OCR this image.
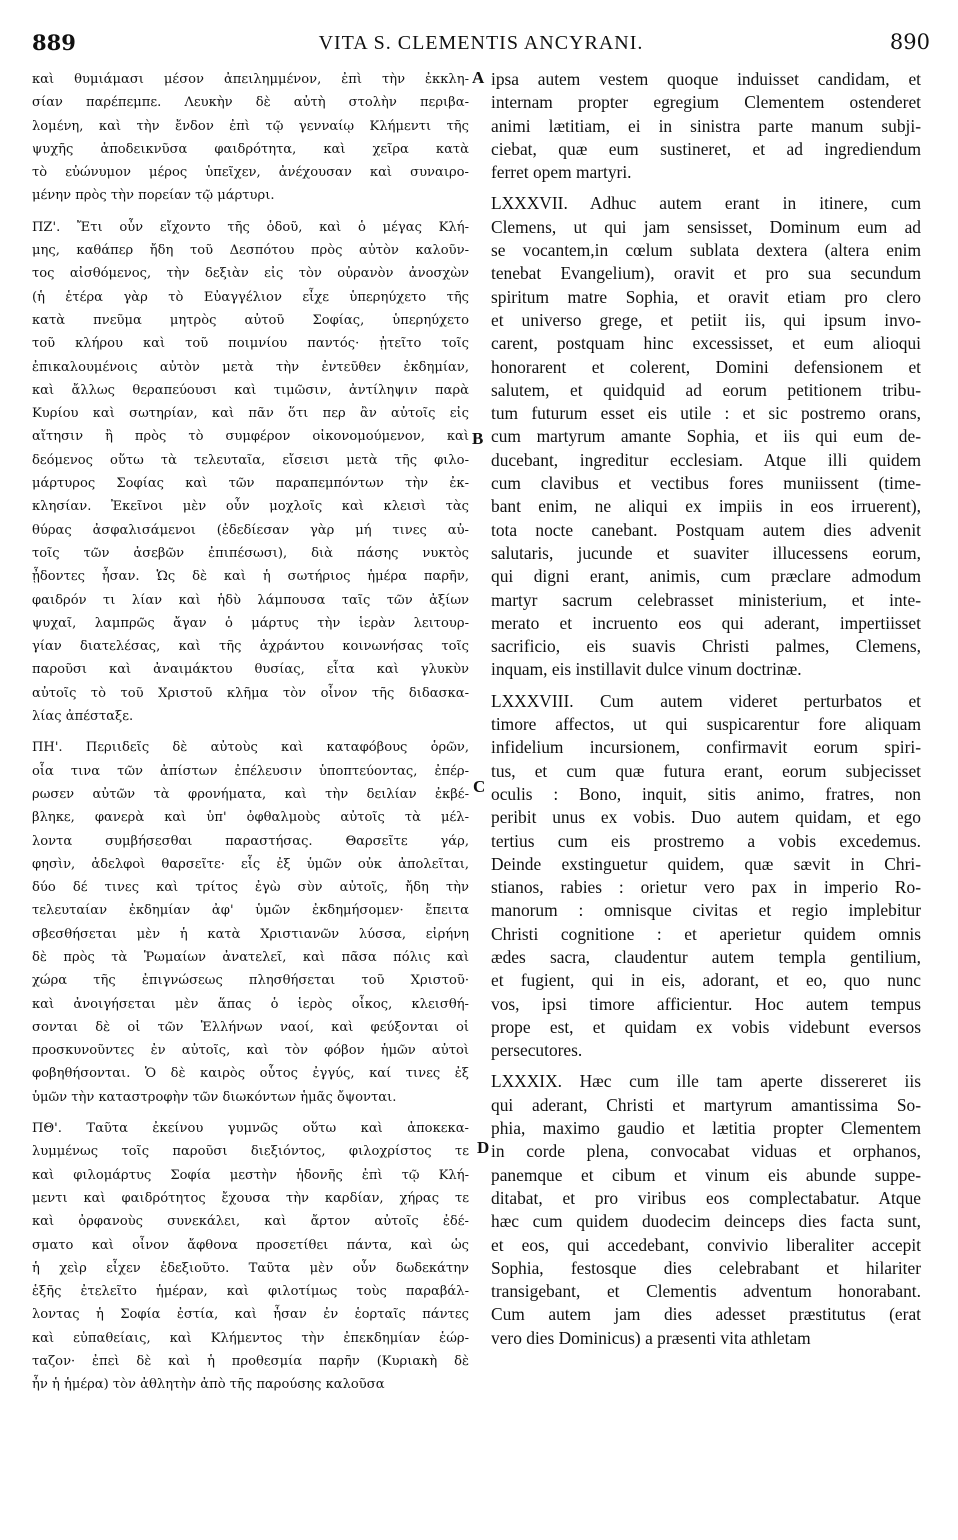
889	VITA S. CLEMENTIS ANCYRANI.	890
καὶ θυμιάμασι μέσον ἀπειλημμένον, ἐπὶ τὴν ἐκκλη-
σίαν παρέπεμπε. Λευκὴν δὲ αὐτὴ στολὴν περιβα-
λομένη, καὶ τὴν ἔνδον ἐπὶ τῷ γενναίῳ Κλήμεντι τῆς
ψυχῆς ἀποδεικνῦσα φαιδρότητα, καὶ χεῖρα κατὰ
τὸ εὐώνυμον μέρος ὑπεῖχεν, ἀνέχουσαν καὶ συναιρο-
μένην πρὸς τὴν πορείαν τῷ μάρτυρι.
ΠΖ'. Ἔτι οὖν εἴχοντο τῆς ὁδοῦ, καὶ ὁ μέγας Κλή-
μης, καθάπερ ἤδη τοῦ Δεσπότου πρὸς αὐτὸν καλοῦν-
τος αἰσθόμενος, τὴν δεξιὰν εἰς τὸν οὐρανὸν ἀνοσχὼν
(ἡ ἑτέρα γὰρ τὸ Εὐαγγέλιον εἶχε ὑπερηύχετο τῆς
κατὰ πνεῦμα μητρὸς αὐτοῦ Σοφίας, ὑπερηύχετο
τοῦ κλήρου καὶ τοῦ ποιμνίου παντός· ᾐτεῖτο τοῖς
ἐπικαλουμένοις αὐτὸν μετὰ τὴν ἐντεῦθεν ἐκδημίαν,
καὶ ἄλλως θεραπεύουσι καὶ τιμῶσιν, ἀντίληψιν παρὰ
Κυρίου καὶ σωτηρίαν, καὶ πᾶν ὅτι περ ἂν αὐτοῖς εἰς
αἴτησιν ἢ πρὸς τὸ συμφέρον οἰκονομούμενον, καὶ
δεόμενος οὕτω τὰ τελευταῖα, εἴσεισι μετὰ τῆς φιλο-
μάρτυρος Σοφίας καὶ τῶν παραπεμπόντων τὴν ἐκ-
κλησίαν. Ἐκεῖνοι μὲν οὖν μοχλοῖς καὶ κλεισὶ τὰς
θύρας ἀσφαλισάμενοι (ἐδεδίεσαν γὰρ μή τινες αὐ-
τοῖς τῶν ἀσεβῶν ἐπιπέσωσι), διὰ πάσης νυκτὸς
ᾖδοντες ἦσαν. Ὡς δὲ καὶ ἡ σωτήριος ἡμέρα παρῆν,
φαιδρόν τι λίαν καὶ ἡδὺ λάμπουσα ταῖς τῶν ἀξίων
ψυχαῖ, λαμπρῶς ἄγαν ὁ μάρτυς τὴν ἱερὰν λειτουρ-
γίαν διατελέσας, καὶ τῆς ἀχράντου κοινωνήσας τοῖς
παροῦσι καὶ ἀναιμάκτου θυσίας, εἶτα καὶ γλυκὺν
αὐτοῖς τὸ τοῦ Χριστοῦ κλῆμα τὸν οἶνον τῆς διδασκα-
λίας ἀπέσταξε.
ΠΗ'. Περιιδεῖς δὲ αὐτοὺς καὶ καταφόβους ὁρῶν,
οἷα τινα τῶν ἀπίστων ἐπέλευσιν ὑποπτεύοντας, ἐπέρ-
ρωσεν αὐτῶν τὰ φρονήματα, καὶ τὴν δειλίαν ἐκβέ-
βληκε, φανερὰ καὶ ὑπ' ὀφθαλμοὺς αὐτοῖς τὰ μέλ-
λοντα συμβήσεσθαι παραστήσας. Θαρσεῖτε γάρ,
φησὶν, ἀδελφοὶ θαρσεῖτε· εἷς ἐξ ὑμῶν οὐκ ἀπολεῖται,
δύο δέ τινες καὶ τρίτος ἐγὼ σὺν αὐτοῖς, ἤδη τὴν
τελευταίαν ἐκδημίαν ἀφ' ὑμῶν ἐκδημήσομεν· ἔπειτα
σβεσθήσεται μὲν ἡ κατὰ Χριστιανῶν λύσσα, εἰρήνη
δὲ πρὸς τὰ Ῥωμαίων ἀνατελεῖ, καὶ πᾶσα πόλις καὶ
χώρα τῆς ἐπιγνώσεως πλησθήσεται τοῦ Χριστοῦ·
καὶ ἀνοιγήσεται μὲν ἅπας ὁ ἱερὸς οἶκος, κλεισθή-
σονται δὲ οἱ τῶν Ἑλλήνων ναοί, καὶ φεύξονται οἱ
προσκυνοῦντες ἐν αὐτοῖς, καὶ τὸν φόβον ἡμῶν αὐτοὶ
φοβηθήσονται. Ὁ δὲ καιρὸς οὗτος ἐγγύς, καί τινες ἐξ
ὑμῶν τὴν καταστροφὴν τῶν διωκόντων ἡμᾶς ὄψονται.
ΠΘ'. Ταῦτα ἐκείνου γυμνῶς οὕτω καὶ ἀποκεκα-
λυμμένως τοῖς παροῦσι διεξιόντος, φιλοχρίστος τε
καὶ φιλομάρτυς Σοφία μεστὴν ἡδονῆς ἐπὶ τῷ Κλή-
μεντι καὶ φαιδρότητος ἔχουσα τὴν καρδίαν, χήρας τε
καὶ ὀρφανοὺς συνεκάλει, καὶ ἄρτον αὐτοῖς ἐδέ-
σματο καὶ οἶνον ἄφθονα προσετίθει πάντα, καὶ ὡς
ἡ χεὶρ εἶχεν ἐδεξιοῦτο. Ταῦτα μὲν οὖν δωδεκάτην
ἑξῆς ἐτελεῖτο ἡμέραν, καὶ φιλοτίμως τοὺς παραβάλ-
λοντας ἡ Σοφία ἐστία, καὶ ἦσαν ἐν ἑορταῖς πάντες
καὶ εὐπαθείαις, καὶ Κλήμεντος τὴν ἐπεκδημίαν ἑώρ-
ταζον· ἐπεὶ δὲ καὶ ἡ προθεσμία παρῆν (Κυριακὴ δὲ
ἦν ἡ ἡμέρα) τὸν ἀθλητὴν ἀπὸ τῆς παρούσης καλοῦσα
ipsa autem vestem quoque induisset candidam, et
internam propter egregium Clementem ostenderet
animi lætitiam, ei in sinistra parte manum subji-
ciebat, quæ eum sustineret, et ad ingrediendum
ferret opem martyri.
LXXXVII. Adhuc autem erant in itinere, cum
Clemens, ut qui jam sensisset, Dominum eum ad
se vocantem,in cœlum sublata dextera (altera enim
tenebat Evangelium), oravit et pro sua secundum
spiritum matre Sophia, et oravit etiam pro clero
et universo grege, et petiit iis, qui ipsum invo-
carent, postquam hinc excessisset, et eum alioqui
honorarent et colerent, Domini defensionem et
salutem, et quidquid ad eorum petitionem tribu-
tum futurum esset eis utile : et sic postremo orans,
cum martyrum amante Sophia, et iis qui eum de-
ducebant, ingreditur ecclesiam. Atque illi quidem
cum clavibus et vectibus fores muniissent (time-
bant enim, ne aliqui ex impiis in eos irruerent),
tota nocte canebant. Postquam autem dies advenit
salutaris, jucunde et suaviter illucessens eorum,
qui digni erant, animis, cum præclare admodum
martyr sacrum celebrasset ministerium, et inte-
merato et incruento eos qui aderant, impertiisset
sacrificio, eis suavis Christi palmes, Clemens,
inquam, eis instillavit dulce vinum doctrinæ.
LXXXVIII. Cum autem videret perturbatos et
timore affectos, ut qui suspicarentur fore aliquam
infidelium incursionem, confirmavit eorum spiri-
tus, et cum quæ futura erant, eorum subjecisset
oculis : Bono, inquit, sitis animo, fratres, non
peribit unus ex vobis. Duo autem quidam, et ego
tertius cum eis prostremo a vobis excedemus.
Deinde exstinguetur quidem, quæ sævit in Chri-
stianos, rabies : orietur vero pax in imperio Ro-
manorum : omnisque civitas et regio implebitur
Christi cognitione : et aperietur quidem omnis
ædes sacra, claudentur autem templa gentilium,
et fugient, qui in eis, adorant, et eo, quo nunc
vos, ipsi timore afficientur. Hoc autem tempus
prope est, et quidam ex vobis videbunt eversos
persecutores.
LXXXIX. Hæc cum ille tam aperte dissereret iis
qui aderant, Christi et martyrum amantissima So-
phia, maximo gaudio et lætitia propter Clementem
in corde plena, convocabat viduas et orphanos,
panemque et cibum et vinum eis abunde suppe-
ditabat, et pro viribus eos complectabatur. Atque
hæc cum quidem duodecim deinceps dies facta sunt,
et eos, qui accedebant, convivio liberaliter accepit
Sophia, festosque dies celebrabant et hilariter
transigebant, et Clementis adventum honorabant.
Cum autem jam dies adesset præstitutus (erat
vero dies Dominicus) a præsenti vita athletam
A
B
C
D
